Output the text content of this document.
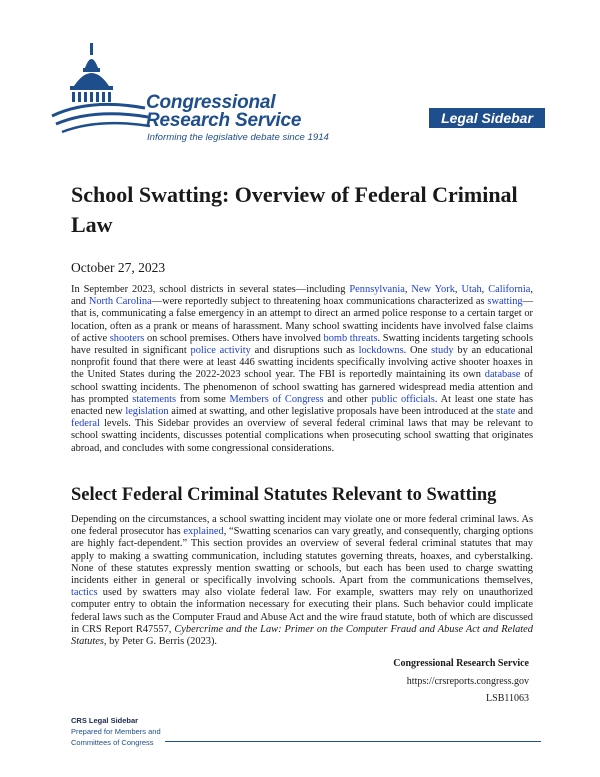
Congressional
Research Service
Informing the legislative debate since 1914
Legal Sidebar
School Swatting: Overview of Federal Criminal Law
October 27, 2023

In September 2023, school districts in several states—including Pennsylvania, New York, Utah, California, and North Carolina—were reportedly subject to threatening hoax communications characterized as swatting—that is, communicating a false emergency in an attempt to direct an armed police response to a certain target or location, often as a prank or means of harassment. Many school swatting incidents have involved false claims of active shooters on school premises. Others have involved bomb threats. Swatting incidents targeting schools have resulted in significant police activity and disruptions such as lockdowns. One study by an educational nonprofit found that there were at least 446 swatting incidents specifically involving active shooter hoaxes in the United States during the 2022-2023 school year. The FBI is reportedly maintaining its own database of school swatting incidents. The phenomenon of school swatting has garnered widespread media attention and has prompted statements from some Members of Congress and other public officials. At least one state has enacted new legislation aimed at swatting, and other legislative proposals have been introduced at the state and federal levels. This Sidebar provides an overview of several federal criminal laws that may be relevant to school swatting incidents, discusses potential complications when prosecuting school swatting that originates abroad, and concludes with some congressional considerations.

Select Federal Criminal Statutes Relevant to Swatting

Depending on the circumstances, a school swatting incident may violate one or more federal criminal laws. As one federal prosecutor has explained, “Swatting scenarios can vary greatly, and consequently, charging options are highly fact-dependent.” This section provides an overview of several federal criminal statutes that may apply to making a swatting communication, including statutes governing threats, hoaxes, and cyberstalking. None of these statutes expressly mention swatting or schools, but each has been used to charge swatting incidents either in general or specifically involving schools. Apart from the communications themselves, tactics used by swatters may also violate federal law. For example, swatters may rely on unauthorized computer entry to obtain the information necessary for executing their plans. Such behavior could implicate federal laws such as the Computer Fraud and Abuse Act and the wire fraud statute, both of which are discussed in CRS Report R47557, Cybercrime and the Law: Primer on the Computer Fraud and Abuse Act and Related Statutes, by Peter G. Berris (2023).

Congressional Research Service
https://crsreports.congress.gov
LSB11063
CRS Legal Sidebar
Prepared for Members and
Committees of Congress
